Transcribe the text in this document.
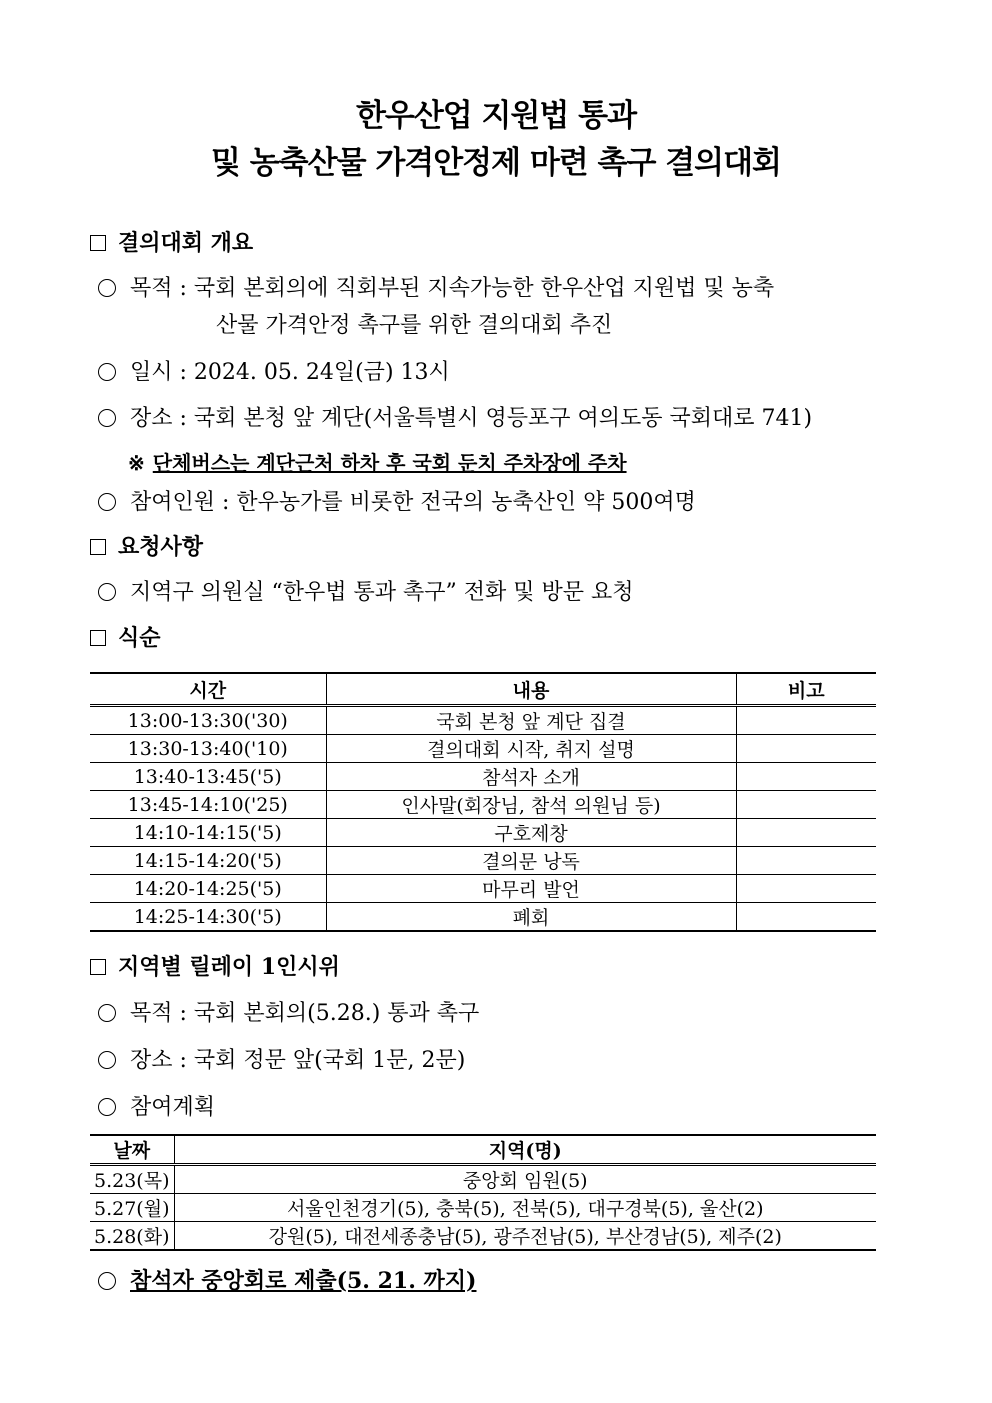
한우산업 지원법 통과
및 농축산물 가격안정제 마련 촉구 결의대회
결의대회 개요
목적 : 국회 본회의에 직회부된 지속가능한 한우산업 지원법 및 농축
산물 가격안정 촉구를 위한 결의대회 추진
일시 : 2024. 05. 24일(금) 13시
장소 : 국회 본청 앞 계단(서울특별시 영등포구 여의도동 국회대로 741)
※ 단체버스는 계단근처 하차 후 국회 둔치 주차장에 주차
참여인원 : 한우농가를 비롯한 전국의 농축산인 약 500여명
요청사항
지역구 의원실 “한우법 통과 촉구” 전화 및 방문 요청
식순
시간	내용	비고
13:00-13:30('30)	국회 본청 앞 계단 집결	
13:30-13:40('10)	결의대회 시작, 취지 설명	
13:40-13:45('5)	참석자 소개	
13:45-14:10('25)	인사말(회장님, 참석 의원님 등)	
14:10-14:15('5)	구호제창	
14:15-14:20('5)	결의문 낭독	
14:20-14:25('5)	마무리 발언	
14:25-14:30('5)	폐회	
지역별 릴레이 1인시위
목적 : 국회 본회의(5.28.) 통과 촉구
장소 : 국회 정문 앞(국회 1문, 2문)
참여계획
날짜	지역(명)
5.23(목)	중앙회 임원(5)
5.27(월)	서울인천경기(5), 충북(5), 전북(5), 대구경북(5), 울산(2)
5.28(화)	강원(5), 대전세종충남(5), 광주전남(5), 부산경남(5), 제주(2)
참석자 중앙회로 제출(5. 21. 까지)
